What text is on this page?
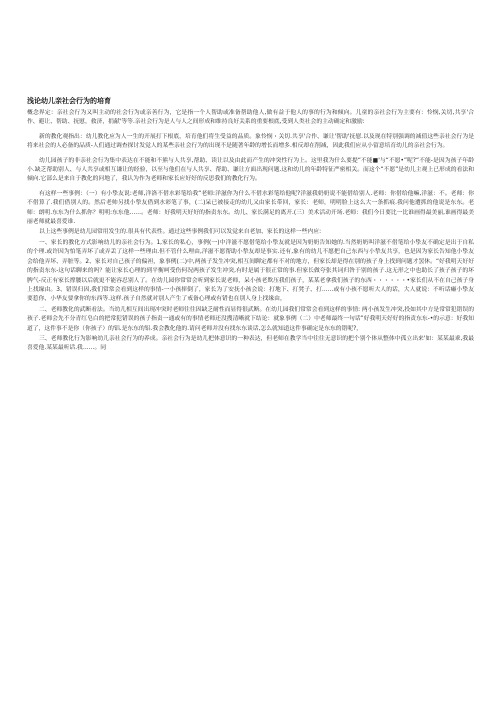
浅论幼儿亲社会行为的培育

概念界定：亲社会行为又叫主动的社会行为或亲善行为，它是指一个人帮助或准备帮助他人,做有益于他人的事的行为和倾向。儿童的亲社会行为主要有：怜悯,关切,共享'合作、避让、帮助、抚慰，救济，捐献'等等.亲社会行为是人与人之间形成和维持良好关系的重要根底,受到人类社会的主动确定和激励:

新的教化观指出：幼儿教化应为人一生的开展打下根底，培育他们将生受益的品质。象怜悯・关切.共享'合作、谦让'帮助'抚慰.以及现在特别强调的减值这些亲社会行为是将来社会的人必备的品质-人们通过调查探讨发觉人的某些亲社会行为的出现不是随著年龄的增长而增多.相反却在削减，因此我们应从小留意培育幼儿的亲社会行为。

幼儿园孩子的非亲社会行为集中表达在不能和不熊与人共享,帮助、读让以及由此而产生的冲突性行为上。这里我为什么要提“不能■'与“不愿•”呢?“不能-是因为孩子年龄小.缺乏帮助别人、与人共享或相互谦让的经验，以至与他们在与人共享、帮助、谦让方面出现问题.这和幼儿的年龄特征严密相关。而这个“不愿”是幼儿主观上已形成的看法和倾向.它部么是来自于教化的问地了，我认为作为老师和家长应好好的反思我们的教化行为。

有这样一些事例：（一）有小挚友说:老师,洋洛不借水彩笔给我“老师:洋滋你为什么不借水彩笔给他呢?洋滋我奶奶说不能借给别人.老师：你借给他嘛,洋滋：不。老师：你不借算了.我们借别人的。然后老帅另找小挚友借到水彩笔了事，(二)呆已被接走的幼儿又由家长带回，家长：老师，明明脸上这么大一条抓痕.我问他遭抓的他说是东东。老师：朗明.东东为什么抓你？明明:东东他……。老师：好我明天好好的指责东东。幼儿、家长满足的离开.(三）美术活动开场.老师：我们今日要比一比谁画得最美丽,谁画得最美丽老师就最喜爱谁.

以上这些事例是幼儿园常用发生的.很具有代表性。通过这些事例我们可以发觉来自老加、家长的这样一些内应:

一、家长的教化方式影响幼儿的亲社会行为。1,家长的私心，事例(一)中洋滋不愿借笔给小挚友就是因为奶奶告知她的.当然奶奶叫洋滋不借笔给小挚友不确定是出于自私的个理.或许因为怕笔弄坏了或弄丢了这样一些理由.但不管什么理由,洋滋不愿帮助小挚友却是事实.还有,象有的幼儿不愿把自己东西与小挚友共享，也是因为家长告知他小挚友会给他弄坏、弄脏等。2、家长对自己孩子的偏袒，象事例(二)中,两孩子发生冲突,相互间聊定都有不对的地方，但家长却是得在别的孩子身上找到问题才罢休。“好我明天好好的指责东东-这句话聊来的吗？能让家长心理的到平衡呵受伤何况两孩子发生冲突,有时是属于很正常的事.但家长做夸张其词归咎于别的孩子.这无形之中也助长了孩子孩子的坏脾气-反正有家长撑腰以后就更不能容忍别人了。在幼儿园你常常会听到家长说老师，呆小孩老欺压我们孩子，某某老拿我们孩子的东西・・・・・・•家长们从不在自己孩子身上找缘由。3、错误归因,我们常常会看到这样的事情-一小孩摔倒了，家长为了安抚小孩会说：打地下、打凳子、打……或有小孩不愿听大人的话，大人就说：不听话癞小挚友要惹你、小华友要拿你的东西等.这样.孩子自然就对别人产生了戒备心理或有错也在别人身上找缘由，

二、老师教化的武断看法。当幼儿相互间出现冲突时老师往往因缺乏耐性而显得很武断。在幼儿园我们常常会看到这样的事情: 两小孩发生冲突,投如其中方是常常犯错误的孩子.老师会先不分青红皂白的把常犯错误的孩子指责一通或有的事情老师还没搜清晰就下结论：就象事例（二）中老师最终一句话”好我明天好好的指责东东-•的示意：好我知道了，这件事不是你（你孩子）的铝.是东东的铝.我会教化他的.请问老师并没有找东东谈话,怎么就知道这件事确定是东东的错呢?，

三、老师教化行为影响幼儿亲社会行为的养成。亲社会行为是幼儿把体意识的一种表达，但老师在教学当中往往无意识的把个别个体从整体中孤立出来'如：某某最乖,我最喜爱他.某某最听话.我……。同
